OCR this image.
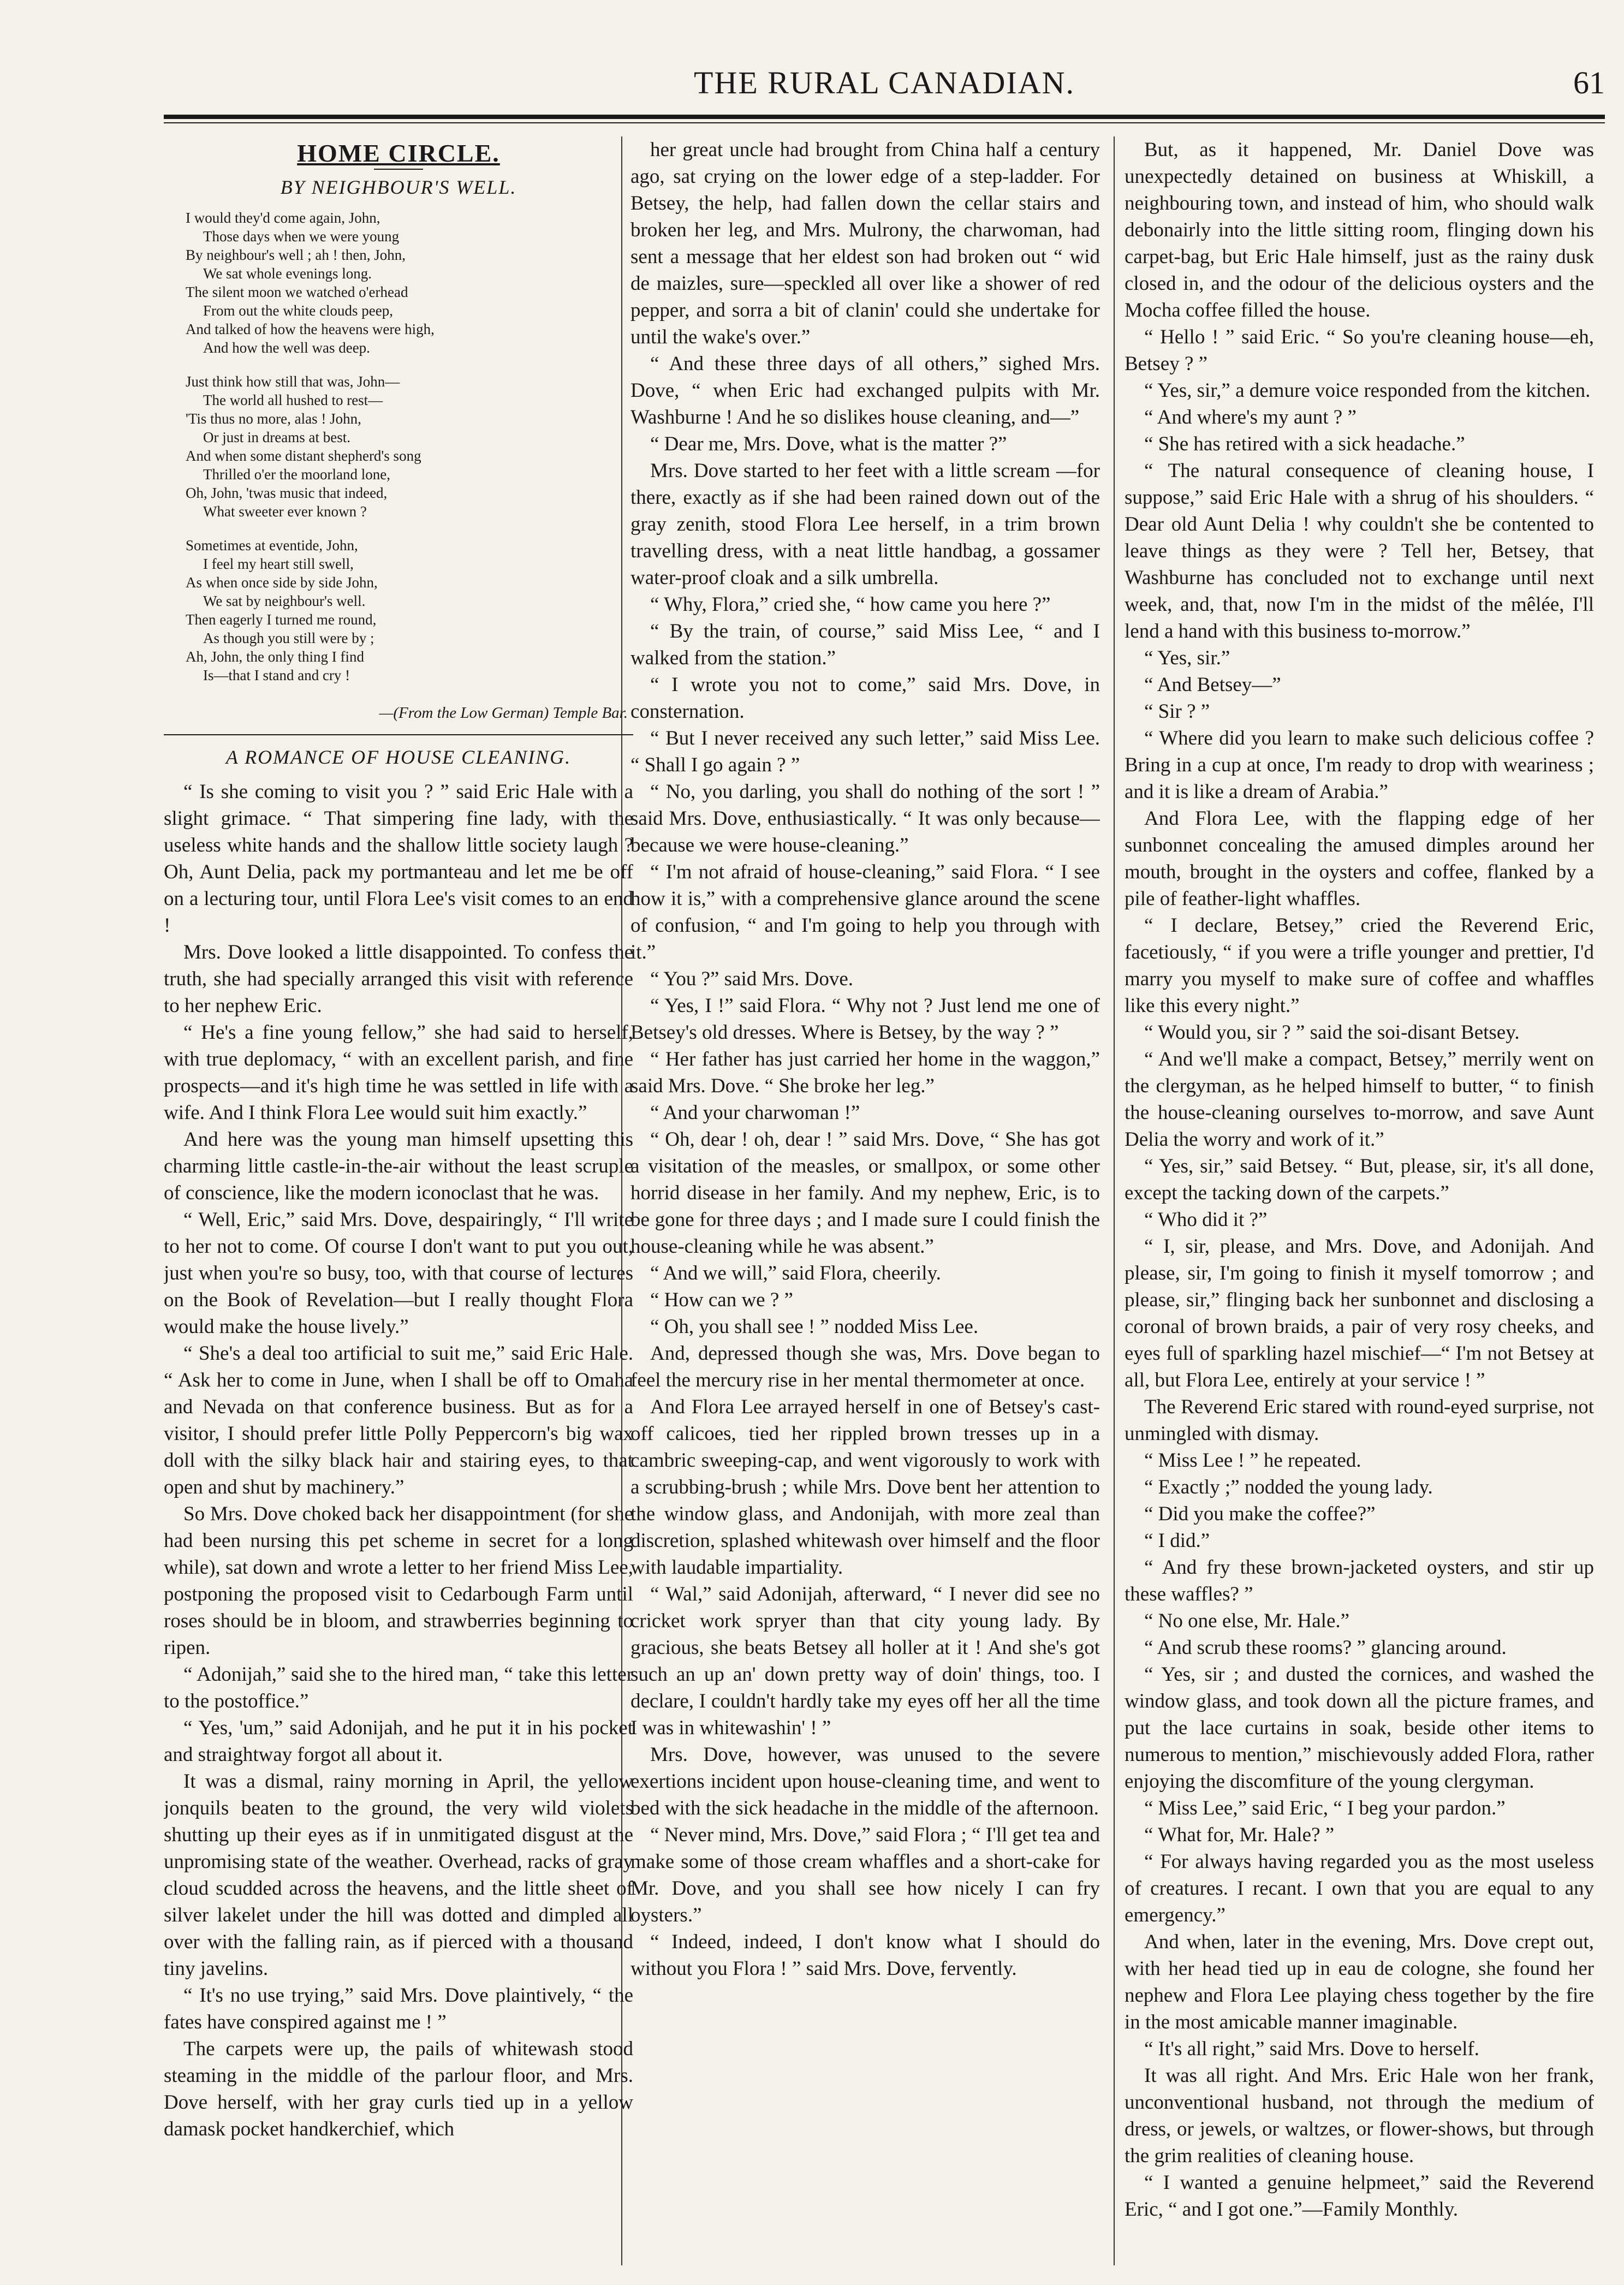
THE RURAL CANADIAN.	61
HOME CIRCLE.
BY NEIGHBOUR'S WELL.
I would they'd come again, John,
Those days when we were young
By neighbour's well ; ah ! then, John,
We sat whole evenings long.
The silent moon we watched o'erhead
From out the white clouds peep,
And talked of how the heavens were high,
And how the well was deep.
Just think how still that was, John—
The world all hushed to rest—
'Tis thus no more, alas ! John,
Or just in dreams at best.
And when some distant shepherd's song
Thrilled o'er the moorland lone,
Oh, John, 'twas music that indeed,
What sweeter ever known ?
Sometimes at eventide, John,
I feel my heart still swell,
As when once side by side John,
We sat by neighbour's well.
Then eagerly I turned me round,
As though you still were by ;
Ah, John, the only thing I find
Is—that I stand and cry !
—(From the Low German) Temple Bar.
A ROMANCE OF HOUSE CLEANING.

“ Is she coming to visit you ? ” said Eric Hale with a slight grimace. “ That simpering fine lady, with the useless white hands and the shallow little society laugh ? Oh, Aunt Delia, pack my portmanteau and let me be off on a lecturing tour, until Flora Lee's visit comes to an end !

Mrs. Dove looked a little disappointed. To confess the truth, she had specially arranged this visit with reference to her nephew Eric.

“ He's a fine young fellow,” she had said to herself, with true deplomacy, “ with an excellent parish, and fine prospects—and it's high time he was settled in life with a wife. And I think Flora Lee would suit him exactly.”

And here was the young man himself upsetting this charming little castle-in-the-air without the least scruple of conscience, like the modern iconoclast that he was.

“ Well, Eric,” said Mrs. Dove, despairingly, “ I'll write to her not to come. Of course I don't want to put you out, just when you're so busy, too, with that course of lectures on the Book of Revelation—but I really thought Flora would make the house lively.”

“ She's a deal too artificial to suit me,” said Eric Hale. “ Ask her to come in June, when I shall be off to Omaha and Nevada on that conference business. But as for a visitor, I should prefer little Polly Peppercorn's big wax doll with the silky black hair and stairing eyes, to that open and shut by machinery.”

So Mrs. Dove choked back her disappointment (for she had been nursing this pet scheme in secret for a long while), sat down and wrote a letter to her friend Miss Lee, postponing the proposed visit to Cedarbough Farm until roses should be in bloom, and strawberries beginning to ripen.

“ Adonijah,” said she to the hired man, “ take this letter to the postoffice.”

“ Yes, 'um,” said Adonijah, and he put it in his pocket and straightway forgot all about it.

It was a dismal, rainy morning in April, the yellow jonquils beaten to the ground, the very wild violets shutting up their eyes as if in unmitigated disgust at the unpromising state of the weather. Overhead, racks of gray cloud scudded across the heavens, and the little sheet of silver lakelet under the hill was dotted and dimpled all over with the falling rain, as if pierced with a thousand tiny javelins.

“ It's no use trying,” said Mrs. Dove plaintively, “ the fates have conspired against me ! ”

The carpets were up, the pails of whitewash stood steaming in the middle of the parlour floor, and Mrs. Dove herself, with her gray curls tied up in a yellow damask pocket handkerchief, which

her great uncle had brought from China half a century ago, sat crying on the lower edge of a step-ladder. For Betsey, the help, had fallen down the cellar stairs and broken her leg, and Mrs. Mulrony, the charwoman, had sent a message that her eldest son had broken out “ wid de maizles, sure—speckled all over like a shower of red pepper, and sorra a bit of clanin' could she undertake for until the wake's over.”

“ And these three days of all others,” sighed Mrs. Dove, “ when Eric had exchanged pulpits with Mr. Washburne ! And he so dislikes house cleaning, and—”

“ Dear me, Mrs. Dove, what is the matter ?”

Mrs. Dove started to her feet with a little scream —for there, exactly as if she had been rained down out of the gray zenith, stood Flora Lee herself, in a trim brown travelling dress, with a neat little handbag, a gossamer water-proof cloak and a silk umbrella.

“ Why, Flora,” cried she, “ how came you here ?”

“ By the train, of course,” said Miss Lee, “ and I walked from the station.”

“ I wrote you not to come,” said Mrs. Dove, in consternation.

“ But I never received any such letter,” said Miss Lee. “ Shall I go again ? ”

“ No, you darling, you shall do nothing of the sort ! ” said Mrs. Dove, enthusiastically. “ It was only because—because we were house-cleaning.”

“ I'm not afraid of house-cleaning,” said Flora. “ I see how it is,” with a comprehensive glance around the scene of confusion, “ and I'm going to help you through with it.”

“ You ?” said Mrs. Dove.

“ Yes, I !” said Flora. “ Why not ? Just lend me one of Betsey's old dresses. Where is Betsey, by the way ? ”

“ Her father has just carried her home in the waggon,” said Mrs. Dove. “ She broke her leg.”

“ And your charwoman !”

“ Oh, dear ! oh, dear ! ” said Mrs. Dove, “ She has got a visitation of the measles, or smallpox, or some other horrid disease in her family. And my nephew, Eric, is to be gone for three days ; and I made sure I could finish the house-cleaning while he was absent.”

“ And we will,” said Flora, cheerily.

“ How can we ? ”

“ Oh, you shall see ! ” nodded Miss Lee.

And, depressed though she was, Mrs. Dove began to feel the mercury rise in her mental thermometer at once.

And Flora Lee arrayed herself in one of Betsey's cast-off calicoes, tied her rippled brown tresses up in a cambric sweeping-cap, and went vigorously to work with a scrubbing-brush ; while Mrs. Dove bent her attention to the window glass, and Andonijah, with more zeal than discretion, splashed whitewash over himself and the floor with laudable impartiality.

“ Wal,” said Adonijah, afterward, “ I never did see no cricket work spryer than that city young lady. By gracious, she beats Betsey all holler at it ! And she's got such an up an' down pretty way of doin' things, too. I declare, I couldn't hardly take my eyes off her all the time I was in whitewashin' ! ”

Mrs. Dove, however, was unused to the severe exertions incident upon house-cleaning time, and went to bed with the sick headache in the middle of the afternoon.

“ Never mind, Mrs. Dove,” said Flora ; “ I'll get tea and make some of those cream whaffles and a short-cake for Mr. Dove, and you shall see how nicely I can fry oysters.”

“ Indeed, indeed, I don't know what I should do without you Flora ! ” said Mrs. Dove, fervently.

But, as it happened, Mr. Daniel Dove was unexpectedly detained on business at Whiskill, a neighbouring town, and instead of him, who should walk debonairly into the little sitting room, flinging down his carpet-bag, but Eric Hale himself, just as the rainy dusk closed in, and the odour of the delicious oysters and the Mocha coffee filled the house.

“ Hello ! ” said Eric. “ So you're cleaning house—eh, Betsey ? ”

“ Yes, sir,” a demure voice responded from the kitchen.

“ And where's my aunt ? ”

“ She has retired with a sick headache.”

“ The natural consequence of cleaning house, I suppose,” said Eric Hale with a shrug of his shoulders. “ Dear old Aunt Delia ! why couldn't she be contented to leave things as they were ? Tell her, Betsey, that Washburne has concluded not to exchange until next week, and, that, now I'm in the midst of the mêlée, I'll lend a hand with this business to-morrow.”

“ Yes, sir.”

“ And Betsey—”

“ Sir ? ”

“ Where did you learn to make such delicious coffee ? Bring in a cup at once, I'm ready to drop with weariness ; and it is like a dream of Arabia.”

And Flora Lee, with the flapping edge of her sunbonnet concealing the amused dimples around her mouth, brought in the oysters and coffee, flanked by a pile of feather-light whaffles.

“ I declare, Betsey,” cried the Reverend Eric, facetiously, “ if you were a trifle younger and prettier, I'd marry you myself to make sure of coffee and whaffles like this every night.”

“ Would you, sir ? ” said the soi-disant Betsey.

“ And we'll make a compact, Betsey,” merrily went on the clergyman, as he helped himself to butter, “ to finish the house-cleaning ourselves to-morrow, and save Aunt Delia the worry and work of it.”

“ Yes, sir,” said Betsey. “ But, please, sir, it's all done, except the tacking down of the carpets.”

“ Who did it ?”

“ I, sir, please, and Mrs. Dove, and Adonijah. And please, sir, I'm going to finish it myself tomorrow ; and please, sir,” flinging back her sunbonnet and disclosing a coronal of brown braids, a pair of very rosy cheeks, and eyes full of sparkling hazel mischief—“ I'm not Betsey at all, but Flora Lee, entirely at your service ! ”

The Reverend Eric stared with round-eyed surprise, not unmingled with dismay.

“ Miss Lee ! ” he repeated.

“ Exactly ;” nodded the young lady.

“ Did you make the coffee?”

“ I did.”

“ And fry these brown-jacketed oysters, and stir up these waffles? ”

“ No one else, Mr. Hale.”

“ And scrub these rooms? ” glancing around.

“ Yes, sir ; and dusted the cornices, and washed the window glass, and took down all the picture frames, and put the lace curtains in soak, beside other items to numerous to mention,” mischievously added Flora, rather enjoying the discomfiture of the young clergyman.

“ Miss Lee,” said Eric, “ I beg your pardon.”

“ What for, Mr. Hale? ”

“ For always having regarded you as the most useless of creatures. I recant. I own that you are equal to any emergency.”

And when, later in the evening, Mrs. Dove crept out, with her head tied up in eau de cologne, she found her nephew and Flora Lee playing chess together by the fire in the most amicable manner imaginable.

“ It's all right,” said Mrs. Dove to herself.

It was all right. And Mrs. Eric Hale won her frank, unconventional husband, not through the medium of dress, or jewels, or waltzes, or flower-shows, but through the grim realities of cleaning house.

“ I wanted a genuine helpmeet,” said the Reverend Eric, “ and I got one.”—Family Monthly.
